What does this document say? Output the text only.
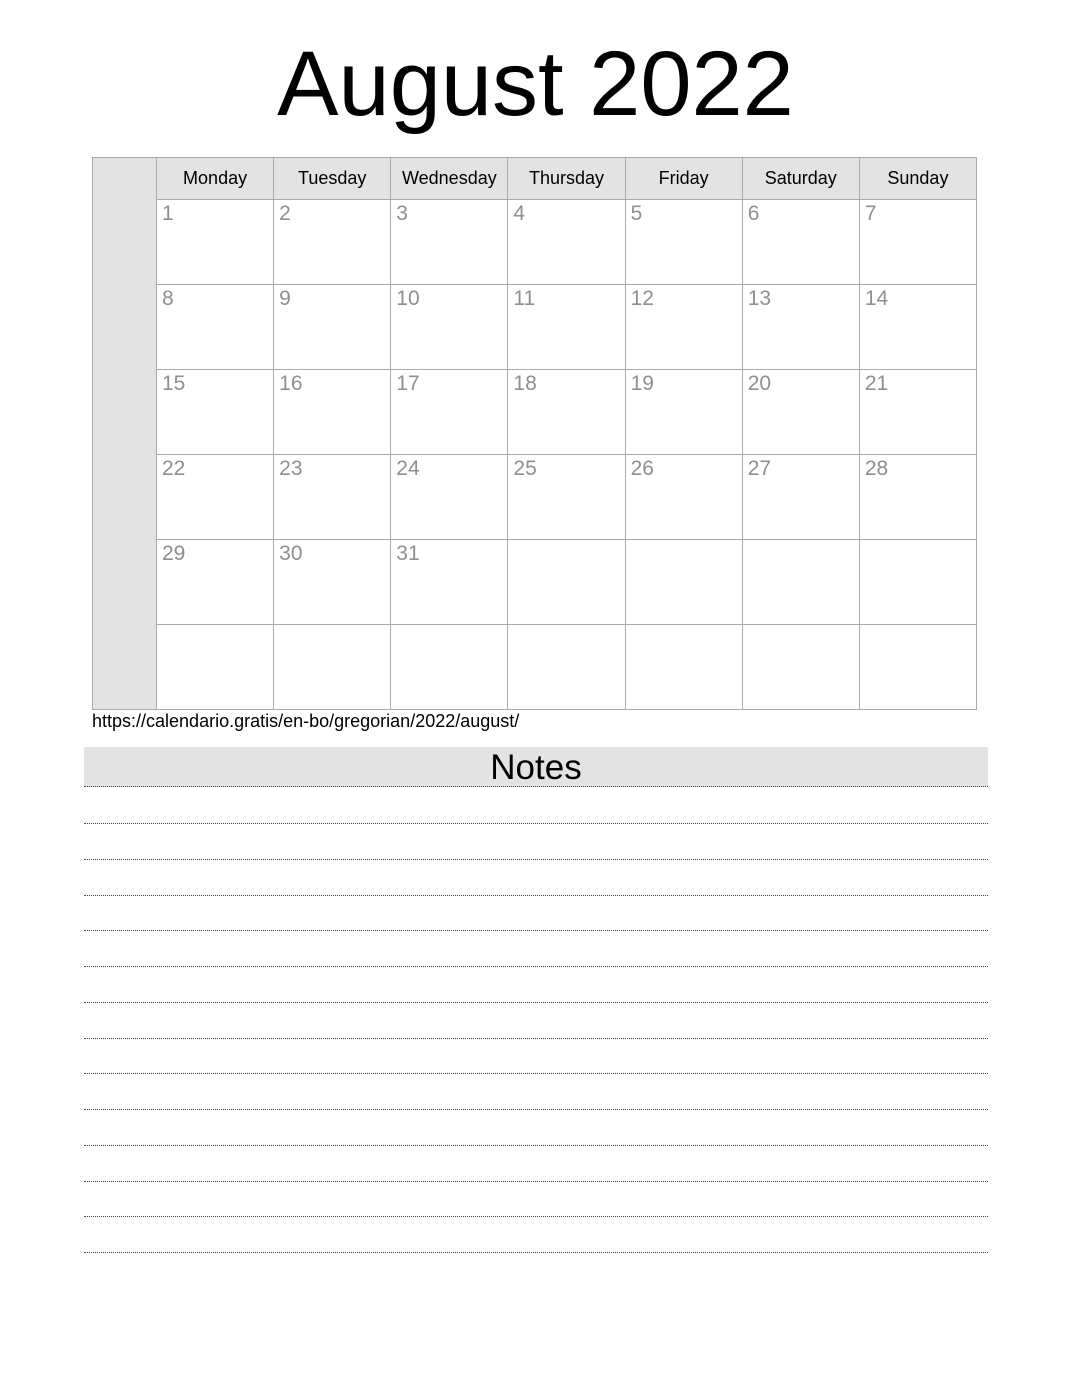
August 2022
	Monday	Tuesday	Wednesday	Thursday	Friday	Saturday	Sunday
	1	2	3	4	5	6	7
	8	9	10	11	12	13	14
	15	16	17	18	19	20	21
	22	23	24	25	26	27	28
	29	30	31				

https://calendario.gratis/en-bo/gregorian/2022/august/
Notes
